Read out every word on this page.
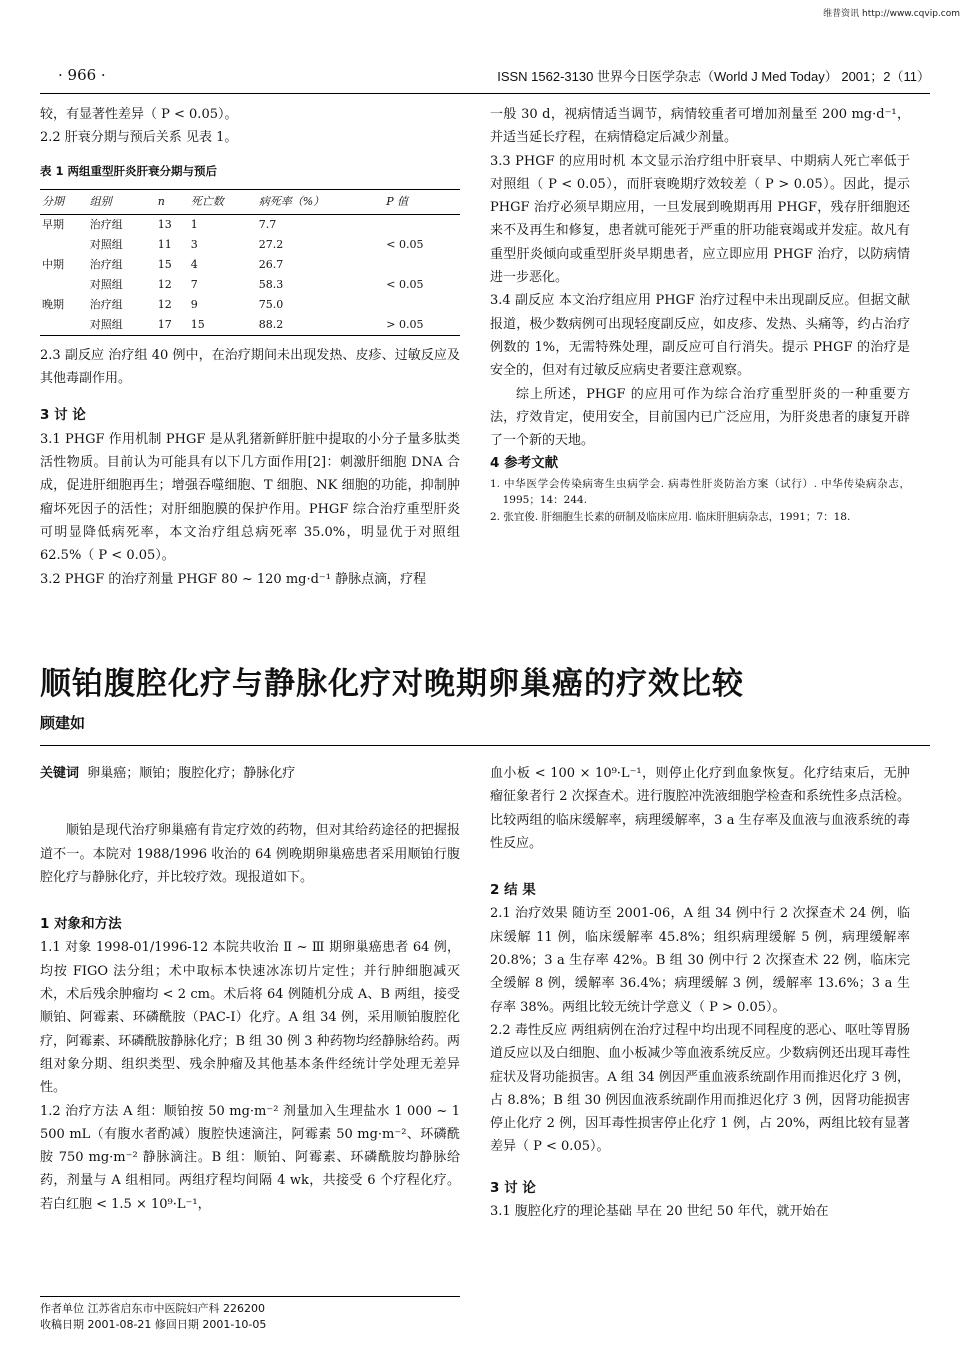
维普资讯 http://www.cqvip.com
· 966 ·	ISSN 1562-3130 世界今日医学杂志（World J Med Today） 2001；2（11）

较，有显著性差异（ P < 0.05）。

2.2 肝衰分期与预后关系 见表 1。

表 1 两组重型肝炎肝衰分期与预后
分期	组别	n	死亡数	病死率（%）	P 值
早期	治疗组	13	1	7.7	
	对照组	11	3	27.2	< 0.05
中期	治疗组	15	4	26.7	
	对照组	12	7	58.3	< 0.05
晚期	治疗组	12	9	75.0	
	对照组	17	15	88.2	> 0.05

2.3 副反应 治疗组 40 例中，在治疗期间未出现发热、皮疹、过敏反应及其他毒副作用。

3 讨 论

3.1 PHGF 作用机制 PHGF 是从乳猪新鲜肝脏中提取的小分子量多肽类活性物质。目前认为可能具有以下几方面作用[2]：刺激肝细胞 DNA 合成，促进肝细胞再生；增强吞噬细胞、T 细胞、NK 细胞的功能，抑制肿瘤坏死因子的活性；对肝细胞膜的保护作用。PHGF 综合治疗重型肝炎可明显降低病死率，本文治疗组总病死率 35.0%，明显优于对照组 62.5%（ P < 0.05）。

3.2 PHGF 的治疗剂量 PHGF 80 ~ 120 mg·d⁻¹ 静脉点滴，疗程

一般 30 d，视病情适当调节，病情较重者可增加剂量至 200 mg·d⁻¹，并适当延长疗程，在病情稳定后减少剂量。

3.3 PHGF 的应用时机 本文显示治疗组中肝衰早、中期病人死亡率低于对照组（ P < 0.05），而肝衰晚期疗效较差（ P > 0.05）。因此，提示 PHGF 治疗必须早期应用，一旦发展到晚期再用 PHGF，残存肝细胞还来不及再生和修复，患者就可能死于严重的肝功能衰竭或并发症。故凡有重型肝炎倾向或重型肝炎早期患者，应立即应用 PHGF 治疗，以防病情进一步恶化。

3.4 副反应 本文治疗组应用 PHGF 治疗过程中未出现副反应。但据文献报道，极少数病例可出现轻度副反应，如皮疹、发热、头痛等，约占治疗例数的 1%，无需特殊处理，副反应可自行消失。提示 PHGF 的治疗是安全的，但对有过敏反应病史者要注意观察。

综上所述，PHGF 的应用可作为综合治疗重型肝炎的一种重要方法，疗效肯定，使用安全，目前国内已广泛应用，为肝炎患者的康复开辟了一个新的天地。

4 参考文献

1. 中华医学会传染病寄生虫病学会. 病毒性肝炎防治方案（试行）. 中华传染病杂志，1995；14：244.

2. 张宜俊. 肝细胞生长素的研制及临床应用. 临床肝胆病杂志，1991；7：18.

顺铂腹腔化疗与静脉化疗对晚期卵巢癌的疗效比较
顾建如

关键词 卵巢癌；顺铂；腹腔化疗；静脉化疗

顺铂是现代治疗卵巢癌有肯定疗效的药物，但对其给药途径的把握报道不一。本院对 1988/1996 收治的 64 例晚期卵巢癌患者采用顺铂行腹腔化疗与静脉化疗，并比较疗效。现报道如下。

1 对象和方法

1.1 对象 1998-01/1996-12 本院共收治 Ⅱ ~ Ⅲ 期卵巢癌患者 64 例，均按 FIGO 法分组；术中取标本快速冰冻切片定性；并行肿细胞减灭术，术后残余肿瘤均 < 2 cm。术后将 64 例随机分成 A、B 两组，接受顺铂、阿霉素、环磷酰胺（PAC-Ⅰ）化疗。A 组 34 例，采用顺铂腹腔化疗，阿霉素、环磷酰胺静脉化疗；B 组 30 例 3 种药物均经静脉给药。两组对象分期、组织类型、残余肿瘤及其他基本条件经统计学处理无差异性。

1.2 治疗方法 A 组：顺铂按 50 mg·m⁻² 剂量加入生理盐水 1 000 ~ 1 500 mL（有腹水者酌减）腹腔快速滴注，阿霉素 50 mg·m⁻²、环磷酰胺 750 mg·m⁻² 静脉滴注。B 组：顺铂、阿霉素、环磷酰胺均静脉给药，剂量与 A 组相同。两组疗程均间隔 4 wk，共接受 6 个疗程化疗。若白红胞 < 1.5 × 10⁹·L⁻¹，

作者单位 江苏省启东市中医院妇产科 226200
收稿日期 2001-08-21 修回日期 2001-10-05

血小板 < 100 × 10⁹·L⁻¹，则停止化疗到血象恢复。化疗结束后，无肿瘤征象者行 2 次探查术。进行腹腔冲洗液细胞学检查和系统性多点活检。比较两组的临床缓解率，病理缓解率，3 a 生存率及血液与血液系统的毒性反应。

2 结 果

2.1 治疗效果 随访至 2001-06，A 组 34 例中行 2 次探查术 24 例，临床缓解 11 例，临床缓解率 45.8%；组织病理缓解 5 例，病理缓解率 20.8%；3 a 生存率 42%。B 组 30 例中行 2 次探查术 22 例，临床完全缓解 8 例，缓解率 36.4%；病理缓解 3 例，缓解率 13.6%；3 a 生存率 38%。两组比较无统计学意义（ P > 0.05）。

2.2 毒性反应 两组病例在治疗过程中均出现不同程度的恶心、呕吐等胃肠道反应以及白细胞、血小板减少等血液系统反应。少数病例还出现耳毒性症状及肾功能损害。A 组 34 例因严重血液系统副作用而推迟化疗 3 例，占 8.8%；B 组 30 例因血液系统副作用而推迟化疗 3 例，因肾功能损害停止化疗 2 例，因耳毒性损害停止化疗 1 例，占 20%，两组比较有显著差异（ P < 0.05）。

3 讨 论

3.1 腹腔化疗的理论基础 早在 20 世纪 50 年代，就开始在
